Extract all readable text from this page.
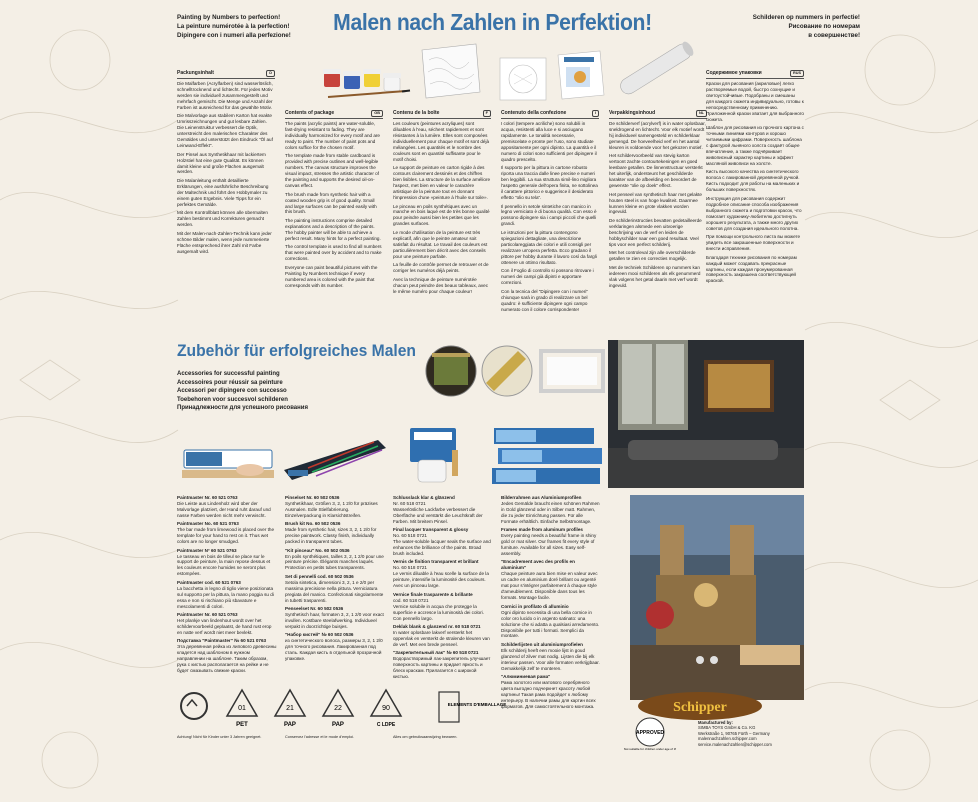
Painting by Numbers to perfection!
La peinture numérotée à la perfection!
Dipingere con i numeri alla perfezione!
Malen nach Zahlen in Perfektion!	Schilderen op nummers in perfectie!
Рисование по номерам
в совершенстве!
Packungsinhalt	D

Die Malfarben (Acrylfarben) sind wasserlöslich, schnelltrocknend und lichtecht. Für jedes Motiv werden sie individuell zusammengestellt und mehrfach gemischt. Die Menge und Anzahl der Farben ist ausreichend für das gewählte Motiv.

Die Malvorlage aus stabilem Karton hat exakte Umrisszeichnungen und gut lesbare Zahlen. Die Leinenstruktur verbessert die Optik, unterstreicht den malerischen Charakter des Gemäldes und unterstützt den Eindruck "Öl auf Leinwand-Effekt".

Der Pinsel aus Synthetikhaar mit lackiertem Holzstiel hat eine gute Qualität. Es können damit kleine und große Flächen ausgemalt werden.

Die Malanleitung enthält detaillierte Erklärungen, eine ausführliche Beschreibung der Maltechnik und führt den Hobbymaler zu einem guten Ergebnis. Viele Tipps für ein perfektes Gemälde.

Mit dem Kontrollblatt können alle übermalten Zahlen bestimmt und Korrekturen gemacht werden.

Mit der Malen-nach-Zahlen-Technik kann jeder schöne Bilder malen, wenn jede nummerierte Fläche entsprechend ihrer Zahl mit Farbe ausgemalt wird.

Contents of package	GB

The paints (acrylic paints) are water-soluble, fast-drying resistant to fading. They are individually harmonized for every motif and are ready to paint. The number of paint pots and colors suffice for the chosen motif.

The template made from stable cardboard is provided with precise outlines and well-legible numbers. The canvas structure improves the visual impact, stresses the artistic character of the painting and supports the desired oil-on-canvas effect.

The brush made from synthetic hair with a coated wooden grip is of good quality. Small and large surfaces can be painted easily with this brush.

The painting instructions comprise detailed explanations and a description of the paints. The hobby painter will be able to achieve a perfect result. Many hints for a perfect painting.

The control template is used to find all numbers that were painted over by accident and to make corrections.

Everyone can paint beautiful pictures with the Painting by Numbers technique if every numbered area is colored with the paint that corresponds with its number.

Contenu de la boîte	F

Les couleurs (peintures acryliques) sont diluables à l'eau, séchent rapidement et sont résistantes à la lumière. Elles sont composées individuellement pour chaque motif et sont déjà mélangées. Les quantités et le nombre des couleurs sont en quantité suffisante pour le motif choisi.

Le support de peinture en carton rigide à des contours clairement dessinés et des chiffres bien lisibles. La structure de la surface améliore l'aspect, met bien en valeur le caractère artistique de la peinture tout en donnant l'impression d'une «peinture à l'huile sur toile».

Le pinceau en poils synthétiques avec un manche en bois laqué est de très bonne qualité pour peindre aussi bien les petites que les grandes surfaces.

Le mode d'utilisation de la peinture est très explicatif, afin que le peintre amateur soit satisfait du résultat. Le travail des couleurs est particulièrement bien décrit avec des conseils pour une peinture parfaite.

La feuille de contrôle permet de retrouver et de corriger les numéros déjà peints.

Avec la technique de peinture numérotée chacun peut peindre des beaux tableaux, avec le même numéro pour chaque couleur!

Contenuto della confezione	I

I colori (tempere acriliche) sono solubili in acqua, resistenti alla luce e si asciugano rapidamente. Le tonalità necessarie, premiscelate e pronte per l'uso, sono studiate appositamente per ogni dipinto. La quantità e il numero di colori sono sufficienti per dipingere il quadro prescelto.

Il supporto per la pittura in cartone robusto riporta una traccia dalle linee precise e numeri ben leggibili. La sua struttura simil-lino migliora l'aspetto generale dell'opera finita, ne sottolinea il carattere pittorico e suggerisce il desiderato effetto "olio su tela".

Il pennello in setole sintetiche con manico in legno verniciato è di buona qualità. Con esso è possono dipingere sia i campi piccoli che quelli grandi.

Le istruzioni per la pittura contengono spiegazioni dettagliate, una descrizione particolareggiata dei colori e utili consigli per realizzare un'opera perfetta. Ecco gradano il pittore per hobby durante il lavoro così da fargli ottenere un ottimo risultato.

Con il Foglio di controllo si possono ritrovare i numeri dei campi già dipinti e apportare correzioni.

Con la tecnica del "Dipingere con i numeri" chiunque sarà in grado di realizzare un bel quadro: è sufficiente dipingere ogni campo numerato con il colore corrispondente!

Verpakkingsinhoud	NL

De schilderverf (acrylverf) is in water oplosbaar, sneldrogend en lichtecht. Voor elk motief wordt hij individueel samengesteld en schilderklaar gemengd. De hoeveelheid verf en het aantal kleuren is voldoende voor het gekozen motief.

Het schildervoorbeeld van stevig karton vertoont zachte contourtekeningen en goed leesbare getallen. De linnenstructuur versterkt het uiterlijk, ondersteunt het geschilderde karakter van de afbeelding en bevordert de gewenste "olie op doek" effect.

Het penseel van synthetisch haar met gelakte houten steel is van hoge kwaliteit. Daarmee kunnen kleine en grote vlakken worden ingevuld.

De schilderinstructies bevatten gedetailleerde verklaringen alsmede een uitvoerige beschrijving van de verf en leiden de hobbyschilder naar een goed resultaat. Veel tips voor een perfect schilderij.

Met het controleval zijn alle overschilderde getallen te zien en correcties mogelijk.

Met de techniek Schilderen op nummers kan iedereen mooi schilderen als elk genummerd vlak volgens het getal daarin met verf wordt ingevuld.

Содержимое упаковки	RUS

Краски для рисования (акриловые) легко растворяемые водой, быстро сохнущие и светоустойчивые. Подобраны и смешаны для каждого сюжета индивидуально, готовы к непосредственному применению. Приложенной краски хватает для выбранного сюжета.

Шаблон для рисования из прочного картона с точными линиями контуров и хорошо читаемыми цифрами. Поверхность шаблона с фактурой льняного холста создаёт общее впечатление, а также подчёркивает живописный характер картины и эффект масляной живописи на холсте.

Кисть высокого качества из синтетического волоса с лакированной деревянной ручкой. Кисть подходит для работы на маленьких и больших поверхностях.

Инструкция для рисования содержит подробное описание способа изображения выбранного сюжета и подготовки красок, что помогает художнику-любителю достигнуть хорошего результата, а также много других советов для создания идеального полотна.

При помощи контрольного листа вы можете увидеть все закрашенные поверхности и внести исправления.

Благодаря технике рисования по номерам каждый может создавать прекрасные картины, если каждая пронумерованная поверхность закрашена соответствующей краской.

Zubehör für erfolgreiches Malen
Accessories for successful painting
Accessoires pour réussir sa peinture
Accessori per dipingere con successo
Toebehoren voor succesvol schilderen
Принадлежности для успешного рисования

Paintmaster Nr. 60 521 0763
Die Leiste aus Lindenholz wird über der Malvorlage platziert, der Hand ruht darauf und nasse Farben werden nicht mehr verwischt.

Paintmaster No. 60 521 0763
The bar made from limewood is placed over the template for your hand to rest on it. Thus wet colors are no longer smudged.

Paintmaster N° 60 521 0763
Le tasseau en bois de tilleul se place sur le support de peinture, la main repose dessus et les couleurs encore humides ne seront plus estompées.

Paintmaster cod. 60 521 0763
La bacchetta in legno di tiglio viene posizionata sul supporto per la pittura, la mano poggia su di essa e non si rischiano più sbavature e mescolamenti di colori.

Paintmaster Nr. 60 521 0763
Het plankje van lindenhout wordt over het schildervoorbeeld geplaatst, de hand rust erop en natte verf wordt niet meer bevlekt.

Подставка "Paintmaster" № 60 521 0763
Эта деревянная рейка из липового древесины кладется над шаблоном в нужном направлении на шаблоне. Таким образом, рука с кистью располагается на рейке и не будет смазывать свежие краски.

Pinselset Nr. 60 502 0536
Synthetikhaar, Größen 3, 2, 1 2/0 für präzises Ausmalen. Edle Stielfabrierung. Einzelverpackung in Klarsichtstreifen.

Brush kit No. 60 502 0536
Made from synthetic hair, sizes 3, 2, 1 2/0 for precise paintwork. Classy finish, individually packed in transparent tubes.

"Kit pinceau" No. 60 502 0536
En poils synthétiques, tailles 3, 2, 1 2/0 pour une peinture précise. Élégants manches laqués. Protection en petits tubes transparents.

Set di pennelli cod. 60 502 0536
Setola sintetica, dimensioni 3, 2, 1 e 2/0 per massima precisione nella pittura. Verniciatura pregiata del manico. Confezionati singolarmente in tubetti trasparenti.

Penseelset Nr. 60 502 0536
Synthetisch haar, formaten 3, 2, 1 2/0 voor exact invullen. Kostbare steelafwerking. Individueel verpakt in doorzichtige buisjes.

"Набор кистей" № 60 502 0536
из синтетического волоса, размеры 3, 2, 1 2/0 для точного рисования. Лакированная под сталь. Каждая кисть в отдельной прозрачной упаковке.

Schlusslack klar & glänzend
Nr. 60 518 0721
Wasserlösliche Lackfarbe verbessert die Oberfläche und verstärkt die Leuchtkraft der Farben. Mit breitem Pinsel.

Final lacquer transparent & glossy
No. 60 518 0721
The water-soluble lacquer seals the surface and enhances the brilliance of the paints. Broad brush included.

Vernis de finition transparent et brillant
No. 60 518 0721
Le vernis diluable à l'eau scelle la surface de la peinture, intensifie la luminosité des couleurs. Avec un pinceau large.

Vernice finale trasparente & brillante
cod. 60 518 0721
Vernice solubile in acqua che protegge la superficie e accresce la luminosità dei colori. Con pennello largo.

Deklak blank & glanzend nr. 60 518 0721
In water oplosbare lakverf versterkt het oppervlak en versterkt de stralende kleuren van de verf. Met een brede penseel.

"Закрепительный лак" № 60 518 0721
Водорастворимый лак-закрепитель улучшает поверхность картины и придает яркость и блеск краскам. Прилагается с широкой кистью.

Bilderrahmen aus Aluminiumprofilen
Jedes Gemälde braucht einen schönen Rahmen in Gold glänzend oder in Silber matt. Rahmen, die zu jeder Einrichtung passen. Für alle Formate erhältlich. Einfache Selbstmontage.

Frames made from aluminum profiles
Every painting needs a beautiful frame in shiny gold or mat silver. Our frames fit every style of furniture. Available for all sizes. Easy self-assembly.

"Encadrement avec des profils en aluminium"
Chaque peinture aura bien mise en valeur avec un cadre en aluminium doré brillant ou argenté mat pour s'intégrer parfaitement à chaque style d'ameublement. Disponible dans tous les formats. Montage facile.

Cornici in profilato di alluminio
Ogni dipinto necessita di una bella cornice in color oro lucido o in argento satinato: una soluzione che si adatta a qualsiasi arredamento. Disponibile per tutti i formati. Semplici da montare.

Schilderlijsten uit aluminiumprofielen
Elk schilderij heeft een mooie lijst in goud glanzend of zilver mat nodig. Lijsten die bij elk interieur passen. Voor alle formaten verkrijgbaar. Gemakkelijk zelf te monteren.

"Алюминиевая рама"
Рама золотого или матового серебряного цвета выгодно подчеркнет красоту любой картины! Такая рама подойдет к любому интерьеру. В наличии рамы для картин всех форматов. Для самостоятельного монтажа.

01
PET
21
PAP
22
PAP
90
C LDPE
ELEMENTS D'EMBALLAGE
Achtung! Nicht für Kinder unter 3 Jahren geeignet.	Conservez l'adresse et le mode d'emploi.	Alles om gebruiksaanwijzing bewaren.
Schipper
APPROVED
Not suitable for children under age of 3!
Manufactured by:
SIMBA TOYS GmbH & Co. KG
Werkstraße 1, 90765 Fürth – Germany
malennachzahlen.schipper.com
service.malenachzahlen@schipper.com
